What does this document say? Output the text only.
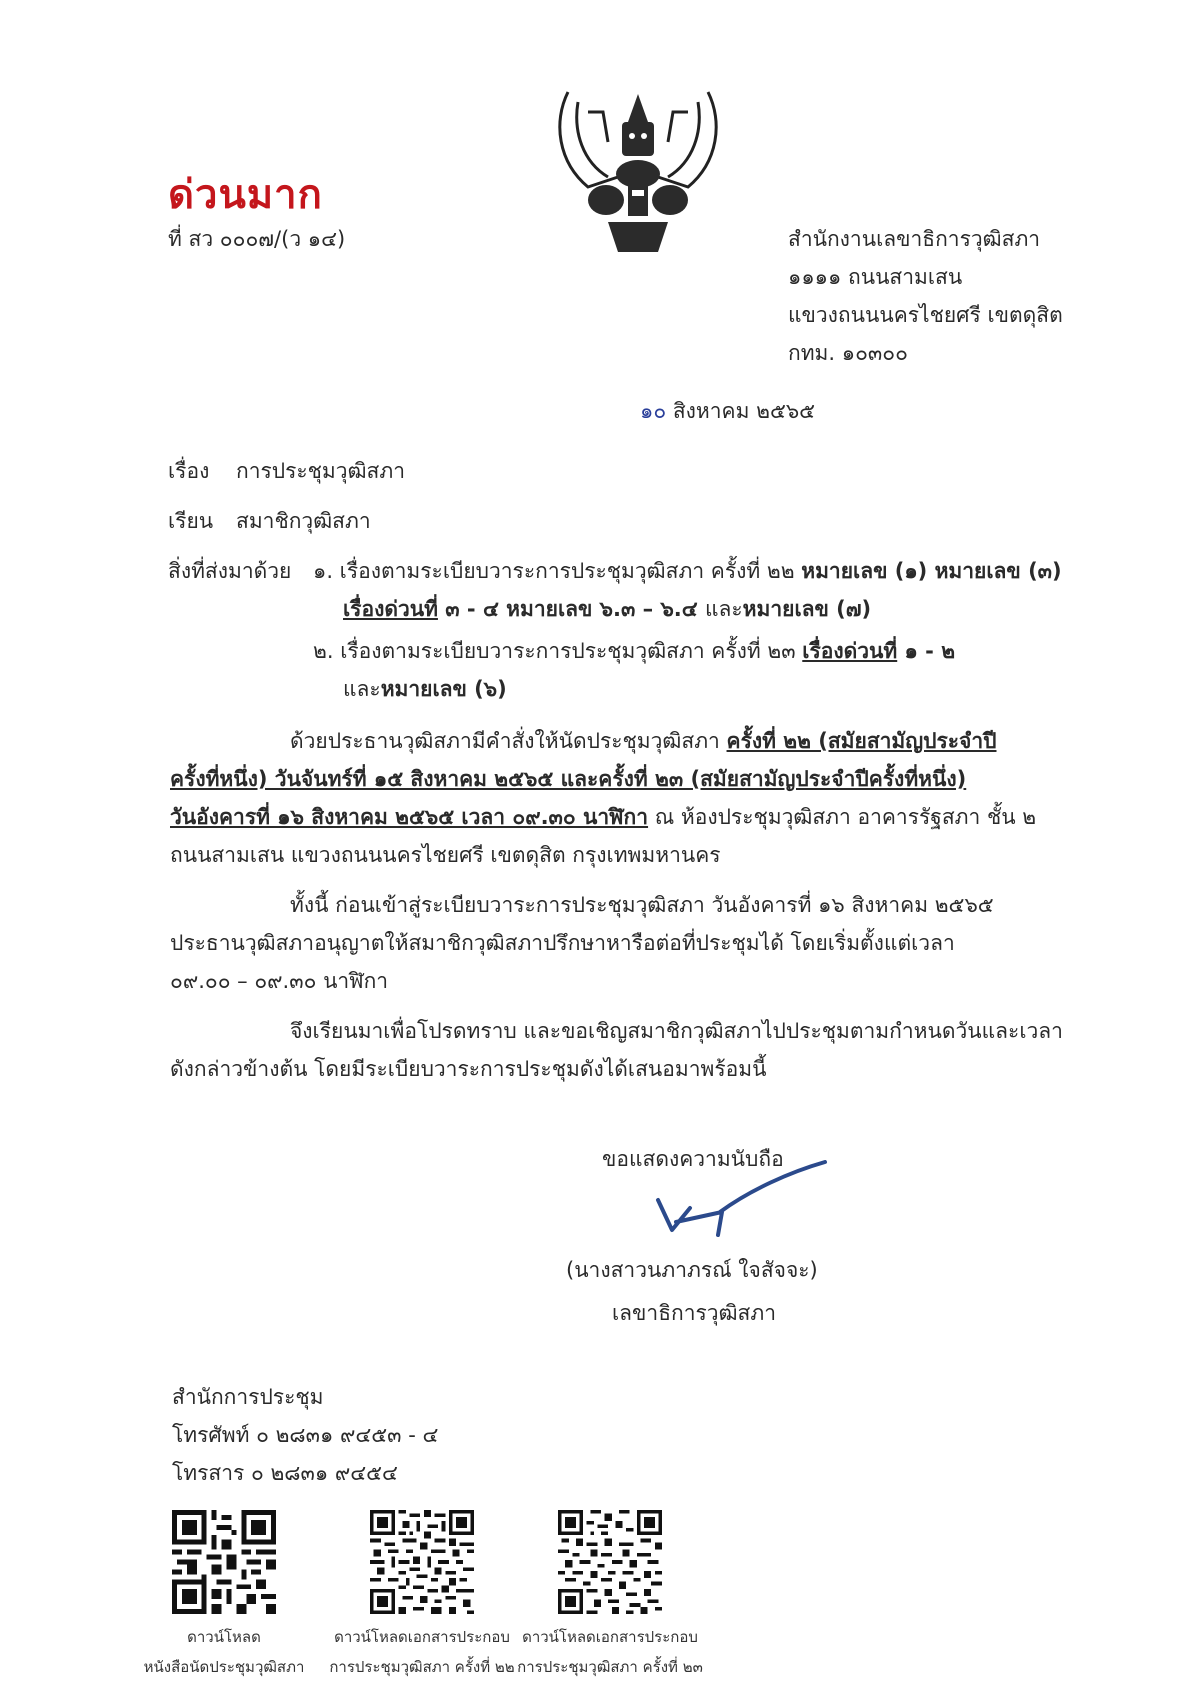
ด่วนมาก
ที่ สว ๐๐๐๗/(ว ๑๔)	สำนักงานเลขาธิการวุฒิสภา
๑๑๑๑ ถนนสามเสน
แขวงถนนนครไชยศรี เขตดุสิต
กทม. ๑๐๓๐๐
๑๐ สิงหาคม ๒๕๖๕
เรื่อง การประชุมวุฒิสภา
เรียน สมาชิกวุฒิสภา
สิ่งที่ส่งมาด้วย ๑. เรื่องตามระเบียบวาระการประชุมวุฒิสภา ครั้งที่ ๒๒ หมายเลข (๑) หมายเลข (๓)
เรื่องด่วนที่ ๓ - ๔ หมายเลข ๖.๓ – ๖.๔ และหมายเลข (๗)
๒. เรื่องตามระเบียบวาระการประชุมวุฒิสภา ครั้งที่ ๒๓ เรื่องด่วนที่ ๑ - ๒
และหมายเลข (๖)
ด้วยประธานวุฒิสภามีคำสั่งให้นัดประชุมวุฒิสภา ครั้งที่ ๒๒ (สมัยสามัญประจำปี
ครั้งที่หนึ่ง) วันจันทร์ที่ ๑๕ สิงหาคม ๒๕๖๕ และครั้งที่ ๒๓ (สมัยสามัญประจำปีครั้งที่หนึ่ง)
วันอังคารที่ ๑๖ สิงหาคม ๒๕๖๕ เวลา ๐๙.๓๐ นาฬิกา ณ ห้องประชุมวุฒิสภา อาคารรัฐสภา ชั้น ๒
ถนนสามเสน แขวงถนนนครไชยศรี เขตดุสิต กรุงเทพมหานคร
ทั้งนี้ ก่อนเข้าสู่ระเบียบวาระการประชุมวุฒิสภา วันอังคารที่ ๑๖ สิงหาคม ๒๕๖๕
ประธานวุฒิสภาอนุญาตให้สมาชิกวุฒิสภาปรึกษาหารือต่อที่ประชุมได้ โดยเริ่มตั้งแต่เวลา
๐๙.๐๐ – ๐๙.๓๐ นาฬิกา
จึงเรียนมาเพื่อโปรดทราบ และขอเชิญสมาชิกวุฒิสภาไปประชุมตามกำหนดวันและเวลา
ดังกล่าวข้างต้น โดยมีระเบียบวาระการประชุมดังได้เสนอมาพร้อมนี้
ขอแสดงความนับถือ
(นางสาวนภาภรณ์ ใจสัจจะ)
เลขาธิการวุฒิสภา
สำนักการประชุม
โทรศัพท์ ๐ ๒๘๓๑ ๙๔๕๓ - ๔
โทรสาร ๐ ๒๘๓๑ ๙๔๕๔
ดาวน์โหลด
หนังสือนัดประชุมวุฒิสภา
ดาวน์โหลดเอกสารประกอบ
การประชุมวุฒิสภา ครั้งที่ ๒๒
ดาวน์โหลดเอกสารประกอบ
การประชุมวุฒิสภา ครั้งที่ ๒๓
